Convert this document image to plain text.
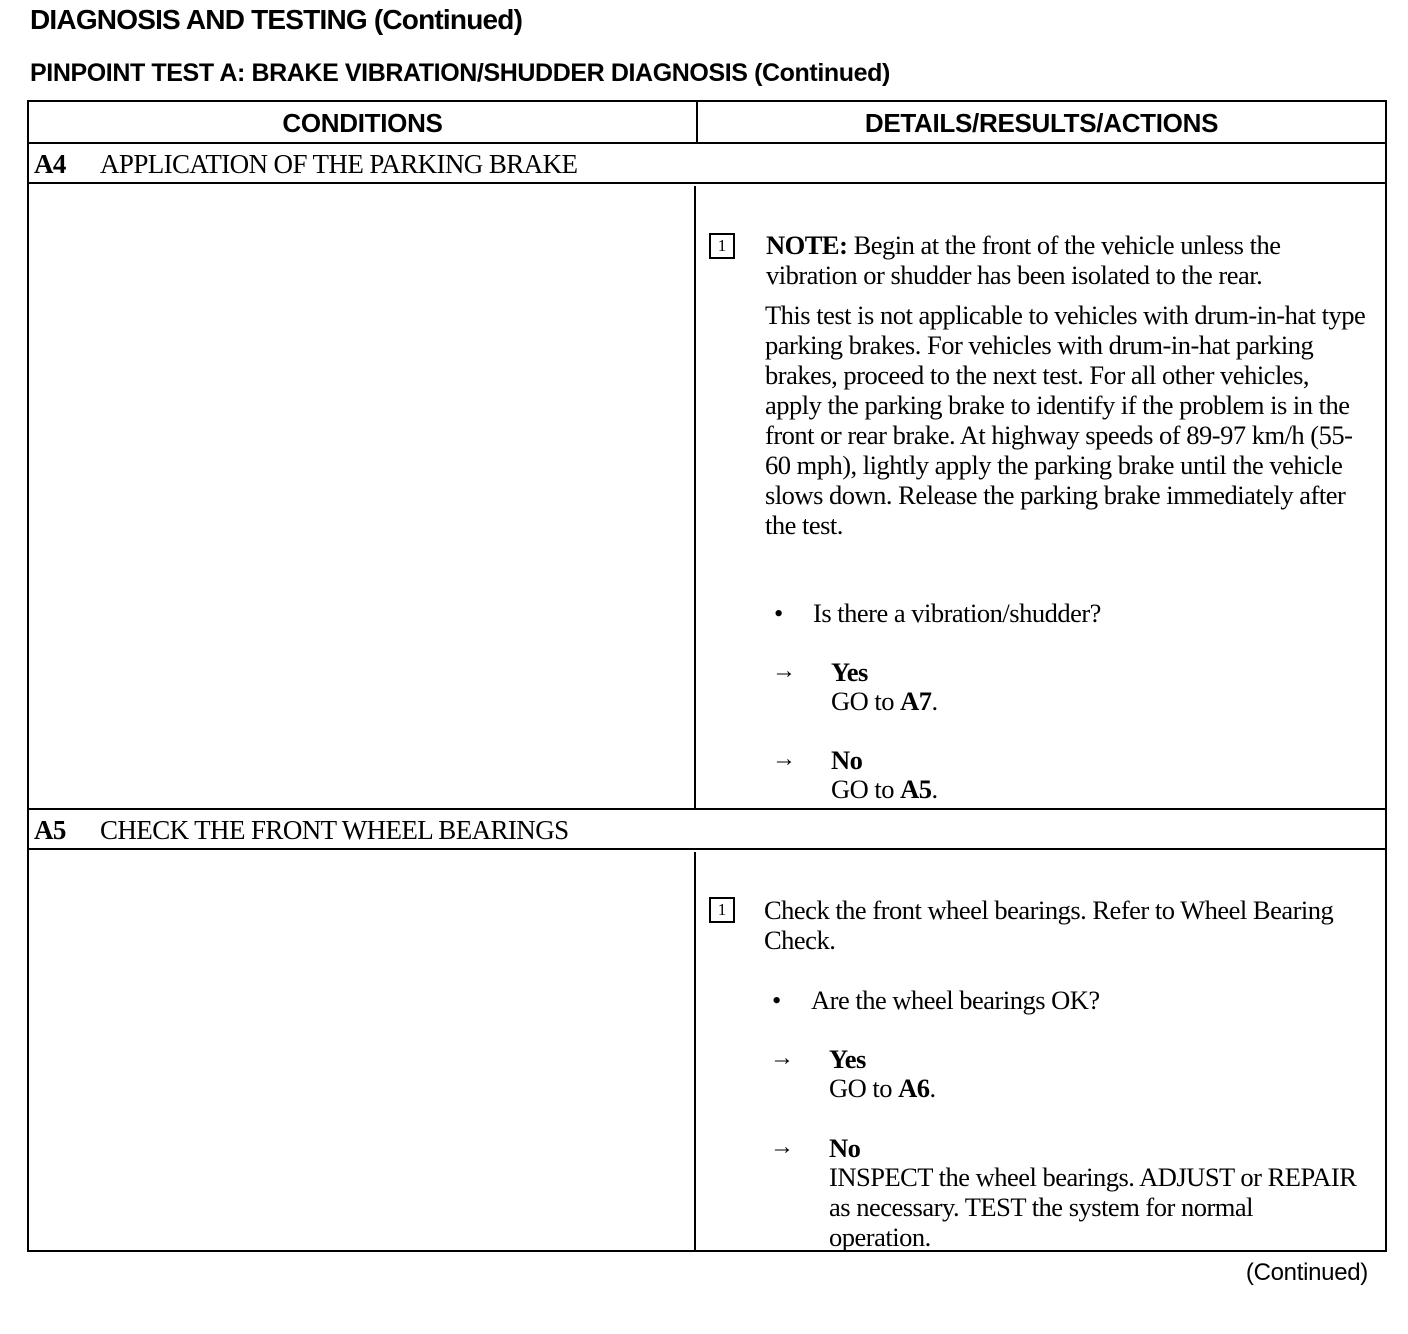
DIAGNOSIS AND TESTING (Continued)
PINPOINT TEST A: BRAKE VIBRATION/SHUDDER DIAGNOSIS (Continued)
CONDITIONS	DETAILS/RESULTS/ACTIONS
A4 APPLICATION OF THE PARKING BRAKE
1	NOTE: Begin at the front of the vehicle unless the vibration or shudder has been isolated to the rear.
This test is not applicable to vehicles with drum-in-hat type parking brakes. For vehicles with drum-in-hat parking brakes, proceed to the next test. For all other vehicles, apply the parking brake to identify if the problem is in the front or rear brake. At highway speeds of 89-97 km/h (55-60 mph), lightly apply the parking brake until the vehicle slows down. Release the parking brake immediately after the test.
• Is there a vibration/shudder?
→ Yes
GO to A7.
→ No
GO to A5.
A5 CHECK THE FRONT WHEEL BEARINGS
1	Check the front wheel bearings. Refer to Wheel Bearing Check.
• Are the wheel bearings OK?
→ Yes
GO to A6.
→ No
INSPECT the wheel bearings. ADJUST or REPAIR as necessary. TEST the system for normal operation.
(Continued)
